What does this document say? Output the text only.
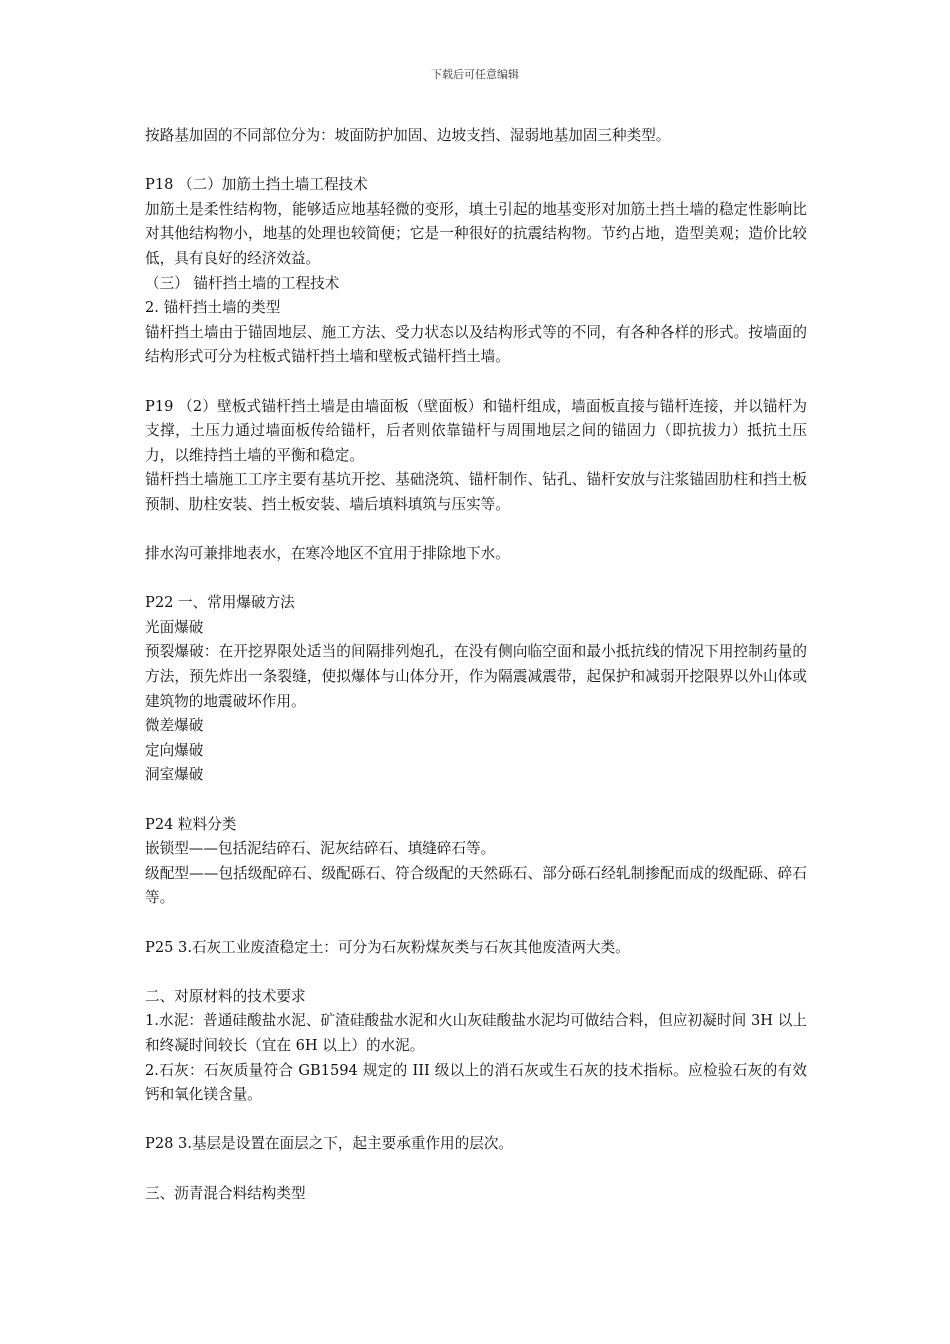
下载后可任意编辑

按路基加固的不同部位分为：坡面防护加固、边坡支挡、湿弱地基加固三种类型。

P18 （二）加筋土挡土墙工程技术

加筋土是柔性结构物，能够适应地基轻微的变形，填土引起的地基变形对加筋土挡土墙的稳定性影响比对其他结构物小，地基的处理也较简便；它是一种很好的抗震结构物。节约占地，造型美观；造价比较低，具有良好的经济效益。

（三） 锚杆挡土墙的工程技术

2. 锚杆挡土墙的类型

锚杆挡土墙由于锚固地层、施工方法、受力状态以及结构形式等的不同，有各种各样的形式。按墙面的结构形式可分为柱板式锚杆挡土墙和壁板式锚杆挡土墙。

P19 （2）壁板式锚杆挡土墙是由墙面板（壁面板）和锚杆组成，墙面板直接与锚杆连接，并以锚杆为支撑，土压力通过墙面板传给锚杆，后者则依靠锚杆与周围地层之间的锚固力（即抗拔力）抵抗土压力，以维持挡土墙的平衡和稳定。

锚杆挡土墙施工工序主要有基坑开挖、基础浇筑、锚杆制作、钻孔、锚杆安放与注浆锚固肋柱和挡土板预制、肋柱安装、挡土板安装、墙后填料填筑与压实等。

排水沟可兼排地表水，在寒冷地区不宜用于排除地下水。

P22 一、常用爆破方法

光面爆破

预裂爆破：在开挖界限处适当的间隔排列炮孔，在没有侧向临空面和最小抵抗线的情况下用控制药量的方法，预先炸出一条裂缝，使拟爆体与山体分开，作为隔震减震带，起保护和减弱开挖限界以外山体或建筑物的地震破坏作用。

微差爆破

定向爆破

洞室爆破

P24 粒料分类

嵌锁型——包括泥结碎石、泥灰结碎石、填缝碎石等。

级配型——包括级配碎石、级配砾石、符合级配的天然砾石、部分砾石经轧制掺配而成的级配砾、碎石等。

P25 3.石灰工业废渣稳定土：可分为石灰粉煤灰类与石灰其他废渣两大类。

二、对原材料的技术要求

1.水泥：普通硅酸盐水泥、矿渣硅酸盐水泥和火山灰硅酸盐水泥均可做结合料，但应初凝时间 3H 以上和终凝时间较长（宜在 6H 以上）的水泥。

2.石灰：石灰质量符合 GB1594 规定的 III 级以上的消石灰或生石灰的技术指标。应检验石灰的有效钙和氧化镁含量。

P28 3.基层是设置在面层之下，起主要承重作用的层次。

三、沥青混合料结构类型
